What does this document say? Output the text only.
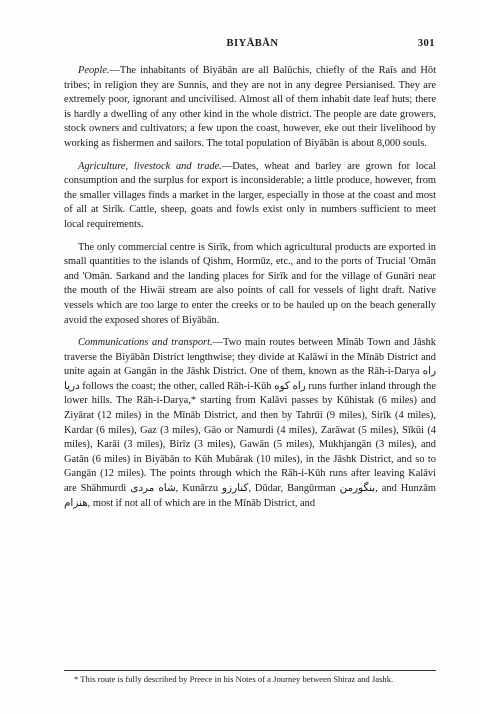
BIYĀBĀN	301

People.—The inhabitants of Biyābān are all Balūchis, chiefly of the Raīs and Hōt tribes; in religion they are Sunnis, and they are not in any degree Persianised. They are extremely poor, ignorant and uncivilised. Almost all of them inhabit date leaf huts; there is hardly a dwelling of any other kind in the whole district. The people are date growers, stock owners and cultivators; a few upon the coast, however, eke out their livelihood by working as fishermen and sailors. The total population of Biyābān is about 8,000 souls.

Agriculture, livestock and trade.—Dates, wheat and barley are grown for local consumption and the surplus for export is inconsiderable; a little produce, however, from the smaller villages finds a market in the larger, especially in those at the coast and most of all at Sirīk. Cattle, sheep, goats and fowls exist only in numbers sufficient to meet local requirements.

The only commercial centre is Sirīk, from which agricultural products are exported in small quantities to the islands of Qishm, Hormūz, etc., and to the ports of Trucial 'Omān and 'Omān. Sarkand and the landing places for Sirīk and for the village of Gunāri near the mouth of the Hiwāi stream are also points of call for vessels of light draft. Native vessels which are too large to enter the creeks or to be hauled up on the beach generally avoid the exposed shores of Biyābān.

Communications and transport.—Two main routes between Mīnāb Town and Jāshk traverse the Biyābān District lengthwise; they divide at Kalāwi in the Mīnāb District and unite again at Gangān in the Jāshk District. One of them, known as the Rāh-i-Darya راه دریا follows the coast; the other, called Rāh-i-Kūh راه کوه runs further inland through the lower hills. The Rāh-i-Darya,* starting from Kalāvi passes by Kūhistak (6 miles) and Ziyārat (12 miles) in the Mīnāb District, and then by Tahrūi (9 miles), Sirīk (4 miles), Kardar (6 miles), Gaz (3 miles), Gāo or Namurdi (4 miles), Zarāwat (5 miles), Sīkūi (4 miles), Karāi (3 miles), Birīz (3 miles), Gawān (5 miles), Mukhjangān (3 miles), and Gatān (6 miles) in Biyābān to Kūh Mubārak (10 miles), in the Jāshk District, and so to Gangān (12 miles). The points through which the Rāh-i-Kūh runs after leaving Kalāvi are Shāhmurdi شاه مردی, Kunārzu کنارزو, Dūdar, Bangūrman بنگورمن, and Hunzām هنزام, most if not all of which are in the Mīnāb District, and

* This route is fully described by Preece in his Notes of a Journey between Shiraz and Jashk.
